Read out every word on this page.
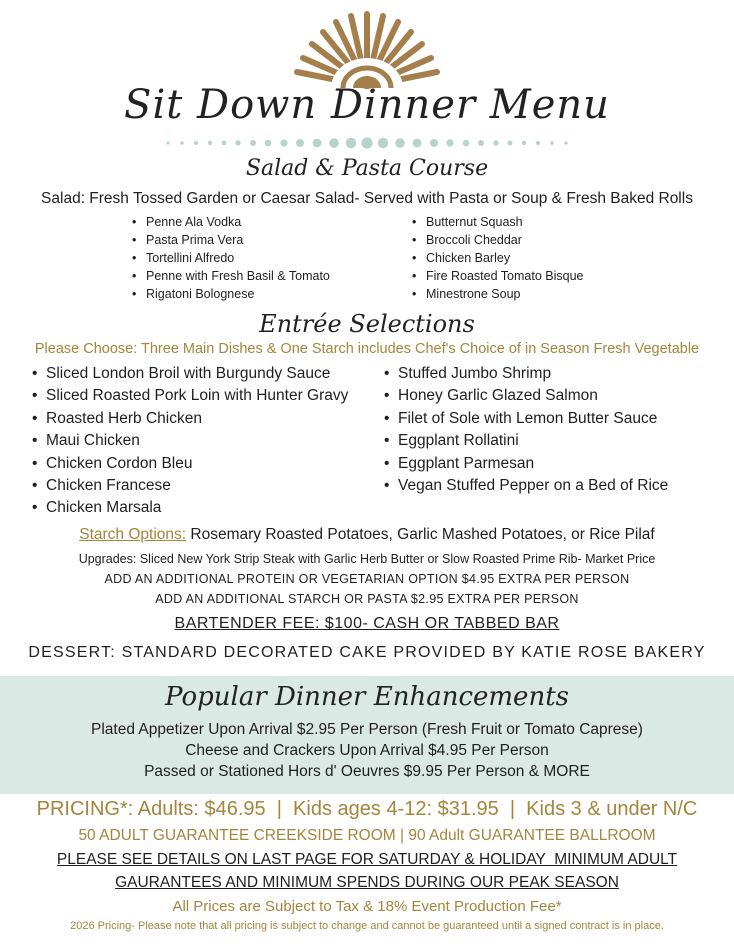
Sit Down Dinner Menu
Salad & Pasta Course
Salad: Fresh Tossed Garden or Caesar Salad- Served with Pasta or Soup & Fresh Baked Rolls
• Penne Ala Vodka
• Pasta Prima Vera
• Tortellini Alfredo
• Penne with Fresh Basil & Tomato
• Rigatoni Bolognese
• Butternut Squash
• Broccoli Cheddar
• Chicken Barley
• Fire Roasted Tomato Bisque
• Minestrone Soup
Entrée Selections
Please Choose: Three Main Dishes & One Starch includes Chef's Choice of in Season Fresh Vegetable
• Sliced London Broil with Burgundy Sauce
• Sliced Roasted Pork Loin with Hunter Gravy
• Roasted Herb Chicken
• Maui Chicken
• Chicken Cordon Bleu
• Chicken Francese
• Chicken Marsala
• Stuffed Jumbo Shrimp
• Honey Garlic Glazed Salmon
• Filet of Sole with Lemon Butter Sauce
• Eggplant Rollatini
• Eggplant Parmesan
• Vegan Stuffed Pepper on a Bed of Rice
Starch Options: Rosemary Roasted Potatoes, Garlic Mashed Potatoes, or Rice Pilaf
Upgrades: Sliced New York Strip Steak with Garlic Herb Butter or Slow Roasted Prime Rib- Market Price
ADD AN ADDITIONAL PROTEIN OR VEGETARIAN OPTION $4.95 EXTRA PER PERSON
ADD AN ADDITIONAL STARCH OR PASTA $2.95 EXTRA PER PERSON
BARTENDER FEE: $100- CASH OR TABBED BAR
DESSERT: STANDARD DECORATED CAKE PROVIDED BY KATIE ROSE BAKERY
Popular Dinner Enhancements
Plated Appetizer Upon Arrival $2.95 Per Person (Fresh Fruit or Tomato Caprese)
Cheese and Crackers Upon Arrival $4.95 Per Person
Passed or Stationed Hors d' Oeuvres $9.95 Per Person & MORE
PRICING*: Adults: $46.95  |  Kids ages 4-12: $31.95  |  Kids 3 & under N/C
50 ADULT GUARANTEE CREEKSIDE ROOM | 90 Adult GUARANTEE BALLROOM
PLEASE SEE DETAILS ON LAST PAGE FOR SATURDAY & HOLIDAY  MINIMUM ADULT
GAURANTEES AND MINIMUM SPENDS DURING OUR PEAK SEASON
All Prices are Subject to Tax & 18% Event Production Fee*
2026 Pricing- Please note that all pricing is subject to change and cannot be guaranteed until a signed contract is in place.
